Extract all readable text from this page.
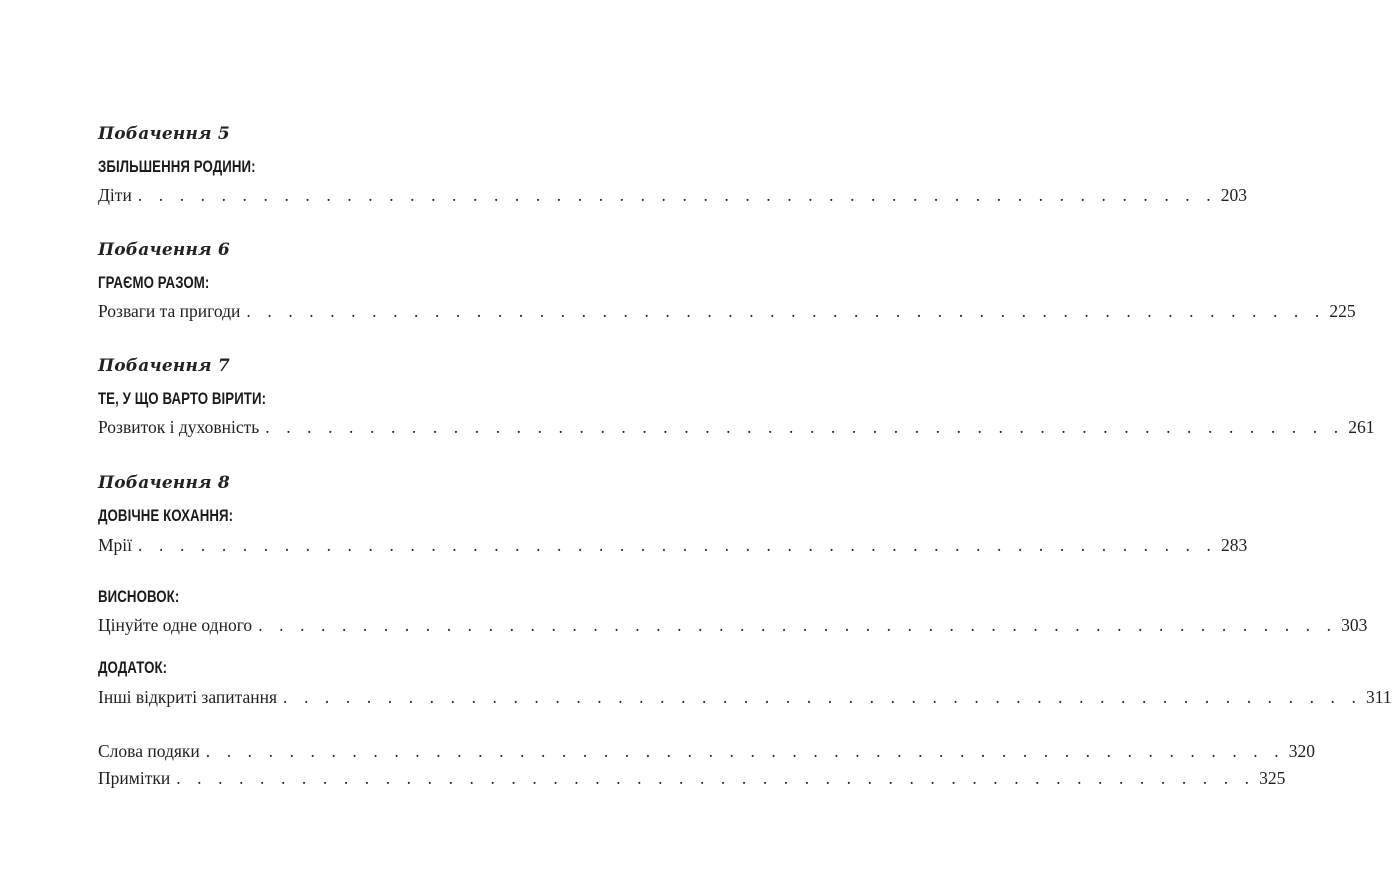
Побачення 5
ЗБІЛЬШЕННЯ РОДИНИ:
Діти . . . . . . . . . . . . . . . . . . . . . . . . . . . . . . . . . . . . . . . . . . . . . . . . . . . . 203
Побачення 6
ГРАЄМО РАЗОМ:
Розваги та пригоди . . . . . . . . . . . . . . . . . . . . . . . . . . . . . . . . . . . . . . . . . . . . . . . . . . . . 225
Побачення 7
ТЕ, У ЩО ВАРТО ВІРИТИ:
Розвиток і духовність . . . . . . . . . . . . . . . . . . . . . . . . . . . . . . . . . . . . . . . . . . . . . . . . . . . . 261
Побачення 8
ДОВІЧНЕ КОХАННЯ:
Мрії . . . . . . . . . . . . . . . . . . . . . . . . . . . . . . . . . . . . . . . . . . . . . . . . . . . . 283
ВИСНОВОК:
Цінуйте одне одного . . . . . . . . . . . . . . . . . . . . . . . . . . . . . . . . . . . . . . . . . . . . . . . . . . . . 303
ДОДАТОК:
Інші відкриті запитання . . . . . . . . . . . . . . . . . . . . . . . . . . . . . . . . . . . . . . . . . . . . . . . . . . . . 311
Слова подяки . . . . . . . . . . . . . . . . . . . . . . . . . . . . . . . . . . . . . . . . . . . . . . . . . . . . 320
Примітки . . . . . . . . . . . . . . . . . . . . . . . . . . . . . . . . . . . . . . . . . . . . . . . . . . . . 325
